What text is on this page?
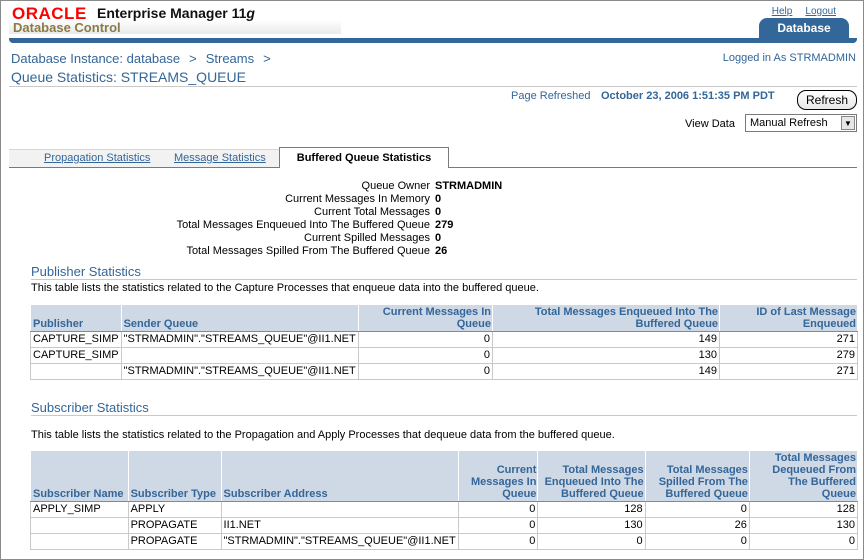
ORACLE Enterprise Manager 11g
Database Control
Help Logout
Database
Database Instance: database > Streams >	Logged in As STRMADMIN
Queue Statistics: STREAMS_QUEUE
Page Refreshed October 23, 2006 1:51:35 PM PDT	Refresh
View Data	Manual Refresh	▼
Propagation Statistics Message Statistics	Buffered Queue Statistics
Queue Owner STRMADMIN
Current Messages In Memory 0
Current Total Messages 0
Total Messages Enqueued Into The Buffered Queue 279
Current Spilled Messages 0
Total Messages Spilled From The Buffered Queue 26
Publisher Statistics
This table lists the statistics related to the Capture Processes that enqueue data into the buffered queue.
Publisher	Sender Queue	Current Messages In Queue	Total Messages Enqueued Into The Buffered Queue	ID of Last Message Enqueued
CAPTURE_SIMP	"STRMADMIN"."STREAMS_QUEUE"@II1.NET	0	149	271
CAPTURE_SIMP		0	130	279
	"STRMADMIN"."STREAMS_QUEUE"@II1.NET	0	149	271
Subscriber Statistics
This table lists the statistics related to the Propagation and Apply Processes that dequeue data from the buffered queue.
Subscriber Name	Subscriber Type	Subscriber Address	Current Messages In Queue	Total Messages Enqueued Into The Buffered Queue	Total Messages Spilled From The Buffered Queue	Total Messages Dequeued From The Buffered Queue
APPLY_SIMP	APPLY		0	128	0	128
	PROPAGATE	II1.NET	0	130	26	130
	PROPAGATE	"STRMADMIN"."STREAMS_QUEUE"@II1.NET	0	0	0	0
